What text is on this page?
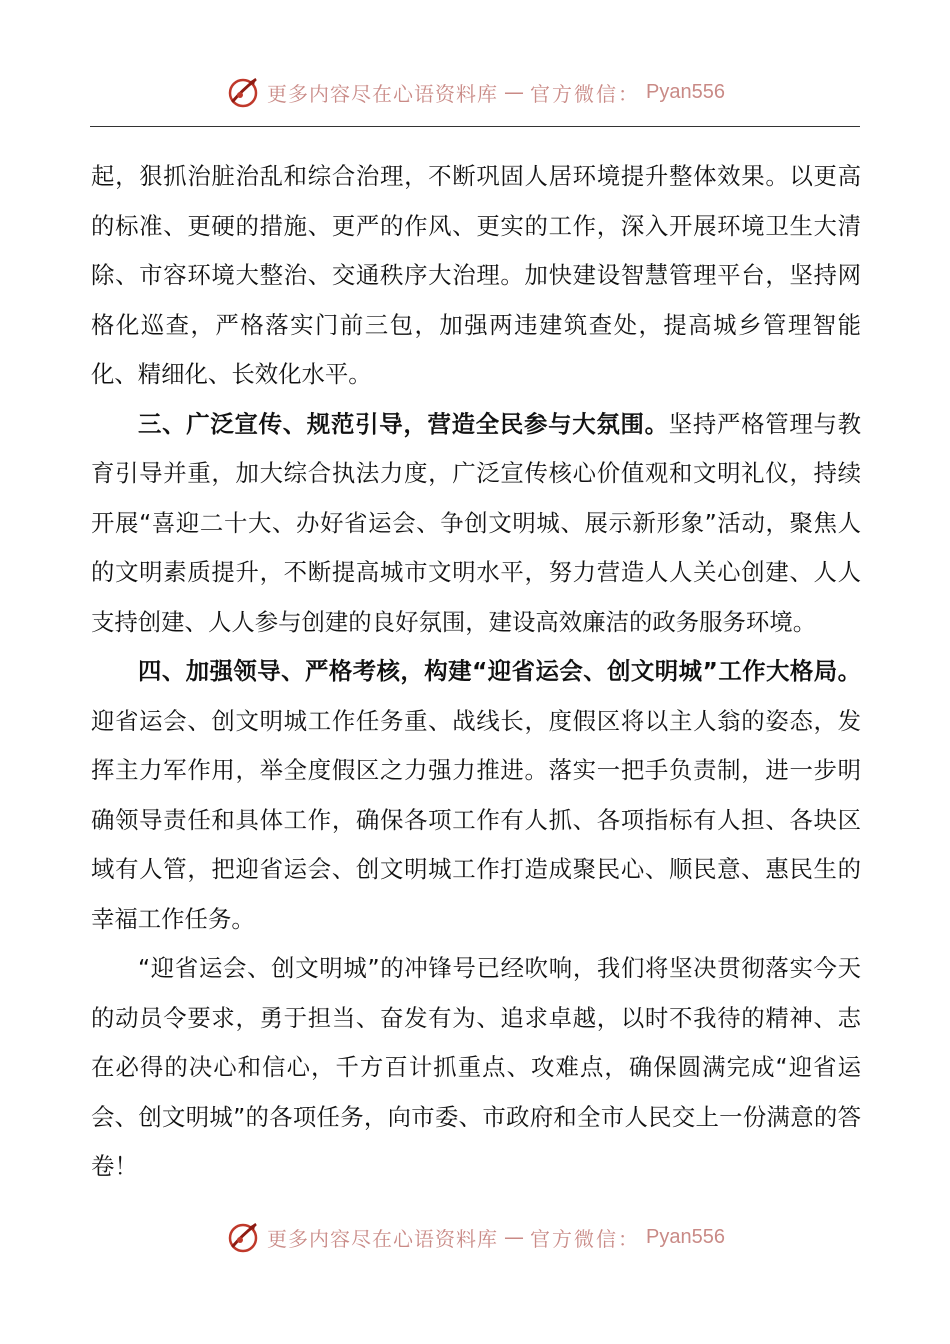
更多内容尽在心语资料库 — 官方微信： Pyan556

起，狠抓治脏治乱和综合治理，不断巩固人居环境提升整体效果。以更高的标准、更硬的措施、更严的作风、更实的工作，深入开展环境卫生大清除、市容环境大整治、交通秩序大治理。加快建设智慧管理平台，坚持网格化巡查，严格落实门前三包，加强两违建筑查处，提高城乡管理智能化、精细化、长效化水平。

三、广泛宣传、规范引导，营造全民参与大氛围。坚持严格管理与教育引导并重，加大综合执法力度，广泛宣传核心价值观和文明礼仪，持续开展“喜迎二十大、办好省运会、争创文明城、展示新形象”活动，聚焦人的文明素质提升，不断提高城市文明水平，努力营造人人关心创建、人人支持创建、人人参与创建的良好氛围，建设高效廉洁的政务服务环境。

四、加强领导、严格考核，构建“迎省运会、创文明城”工作大格局。迎省运会、创文明城工作任务重、战线长，度假区将以主人翁的姿态，发挥主力军作用，举全度假区之力强力推进。落实一把手负责制，进一步明确领导责任和具体工作，确保各项工作有人抓、各项指标有人担、各块区域有人管，把迎省运会、创文明城工作打造成聚民心、顺民意、惠民生的幸福工作任务。

“迎省运会、创文明城”的冲锋号已经吹响，我们将坚决贯彻落实今天的动员令要求，勇于担当、奋发有为、追求卓越，以时不我待的精神、志在必得的决心和信心，千方百计抓重点、攻难点，确保圆满完成“迎省运会、创文明城”的各项任务，向市委、市政府和全市人民交上一份满意的答卷！

更多内容尽在心语资料库 — 官方微信： Pyan556
